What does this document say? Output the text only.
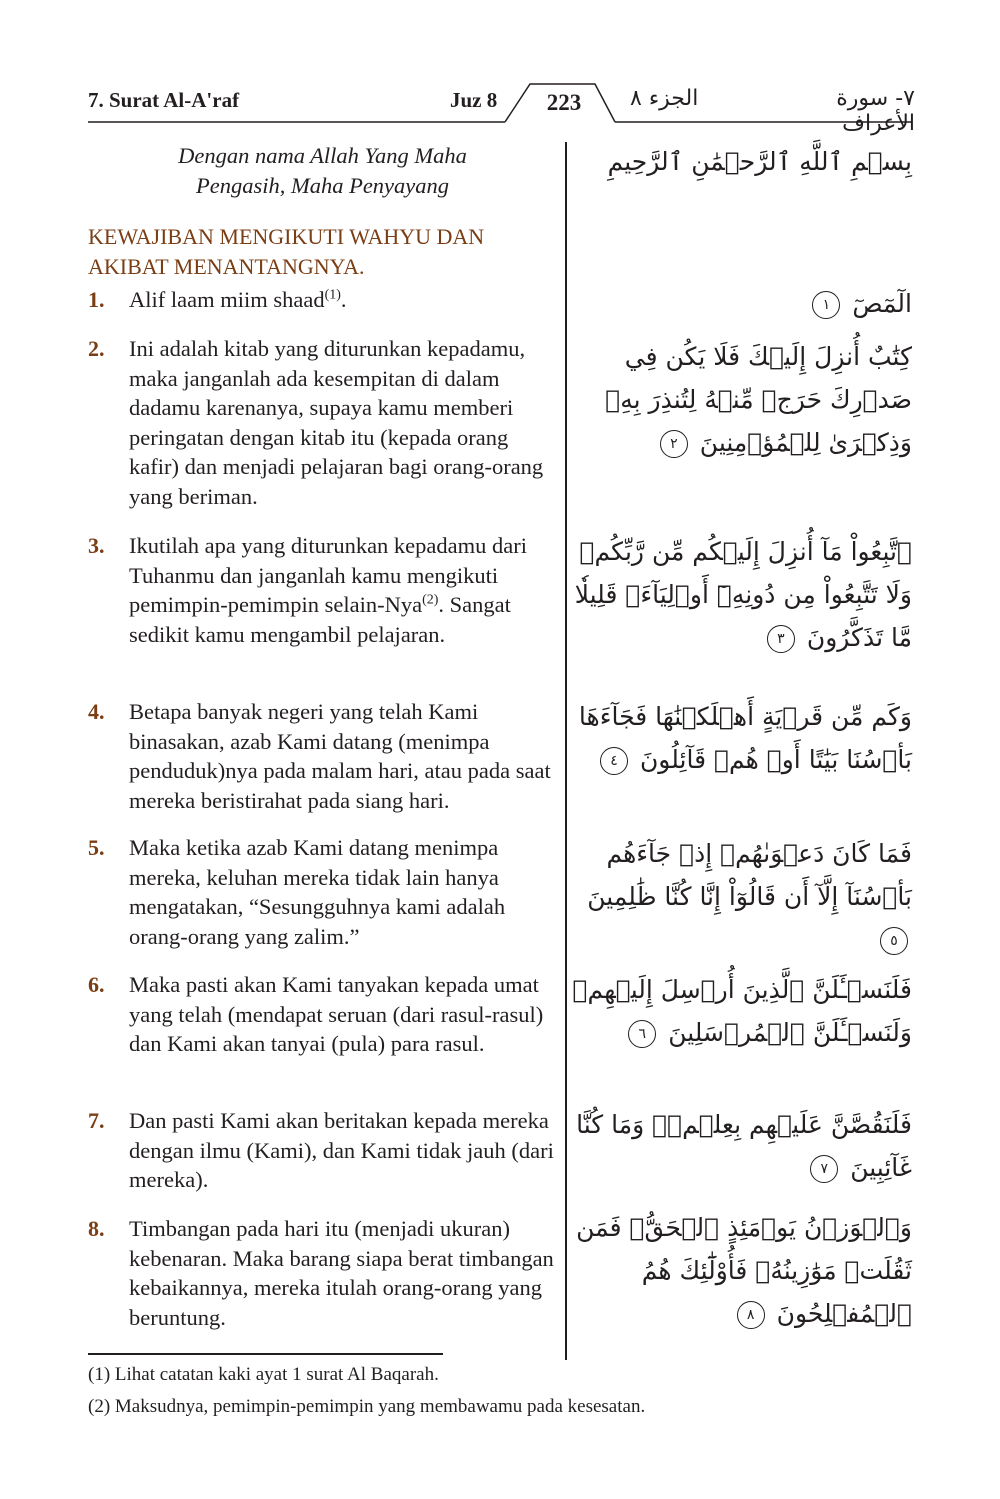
7. Surat Al-A'raf	Juz 8	223	الجزء ٨	٧- سورة الأعراف
بِسۡمِ ٱللَّهِ ٱلرَّحۡمَٰنِ ٱلرَّحِيمِ
Dengan nama Allah Yang Maha
Pengasih, Maha Penyayang
KEWAJIBAN MENGIKUTI WAHYU DAN AKIBAT MENANTANGNYA.
1. Alif laam miim shaad$^{(1)}$.	الٓمٓصٓ ١
2. Ini adalah kitab yang diturunkan kepadamu, maka janganlah ada kesempitan di dalam dadamu karenanya, supaya kamu memberi peringatan dengan kitab itu (kepada orang kafir) dan menjadi pelajaran bagi orang-orang yang beriman.
كِتَٰبٌ أُنزِلَ إِلَيۡكَ فَلَا يَكُن فِي صَدۡرِكَ حَرَجٞ مِّنۡهُ لِتُنذِرَ بِهِۦ وَذِكۡرَىٰ لِلۡمُؤۡمِنِينَ ٢
3. Ikutilah apa yang diturunkan kepadamu dari Tuhanmu dan janganlah kamu mengikuti pemimpin-pemimpin selain-Nya$^{(2)}$. Sangat sedikit kamu mengambil pelajaran.
ٱتَّبِعُواْ مَآ أُنزِلَ إِلَيۡكُم مِّن رَّبِّكُمۡ وَلَا تَتَّبِعُواْ مِن دُونِهِۦٓ أَوۡلِيَآءَۗ قَلِيلٗا مَّا تَذَكَّرُونَ ٣
4. Betapa banyak negeri yang telah Kami binasakan, azab Kami datang (menimpa penduduk)nya pada malam hari, atau pada saat mereka beristirahat pada siang hari.
وَكَم مِّن قَرۡيَةٍ أَهۡلَكۡنَٰهَا فَجَآءَهَا بَأۡسُنَا بَيَٰتًا أَوۡ هُمۡ قَآئِلُونَ ٤
5. Maka ketika azab Kami datang menimpa mereka, keluhan mereka tidak lain hanya mengatakan, “Sesungguhnya kami adalah orang-orang yang zalim.”
فَمَا كَانَ دَعۡوَىٰهُمۡ إِذۡ جَآءَهُم بَأۡسُنَآ إِلَّآ أَن قَالُوٓاْ إِنَّا كُنَّا ظَٰلِمِينَ ٥
6. Maka pasti akan Kami tanyakan kepada umat yang telah (mendapat seruan (dari rasul-rasul) dan Kami akan tanyai (pula) para rasul.
فَلَنَسۡـَٔلَنَّ ٱلَّذِينَ أُرۡسِلَ إِلَيۡهِمۡ وَلَنَسۡـَٔلَنَّ ٱلۡمُرۡسَلِينَ ٦
7. Dan pasti Kami akan beritakan kepada mereka dengan ilmu (Kami), dan Kami tidak jauh (dari mereka).
فَلَنَقُصَّنَّ عَلَيۡهِم بِعِلۡمٖۖ وَمَا كُنَّا غَآئِبِينَ ٧
8. Timbangan pada hari itu (menjadi ukuran) kebenaran. Maka barang siapa berat timbangan kebaikannya, mereka itulah orang-orang yang beruntung.
وَٱلۡوَزۡنُ يَوۡمَئِذٍ ٱلۡحَقُّۚ فَمَن ثَقُلَتۡ مَوَٰزِينُهُۥ فَأُوْلَٰٓئِكَ هُمُ ٱلۡمُفۡلِحُونَ ٨
(1) Lihat catatan kaki ayat 1 surat Al Baqarah.
(2) Maksudnya, pemimpin-pemimpin yang membawamu pada kesesatan.
